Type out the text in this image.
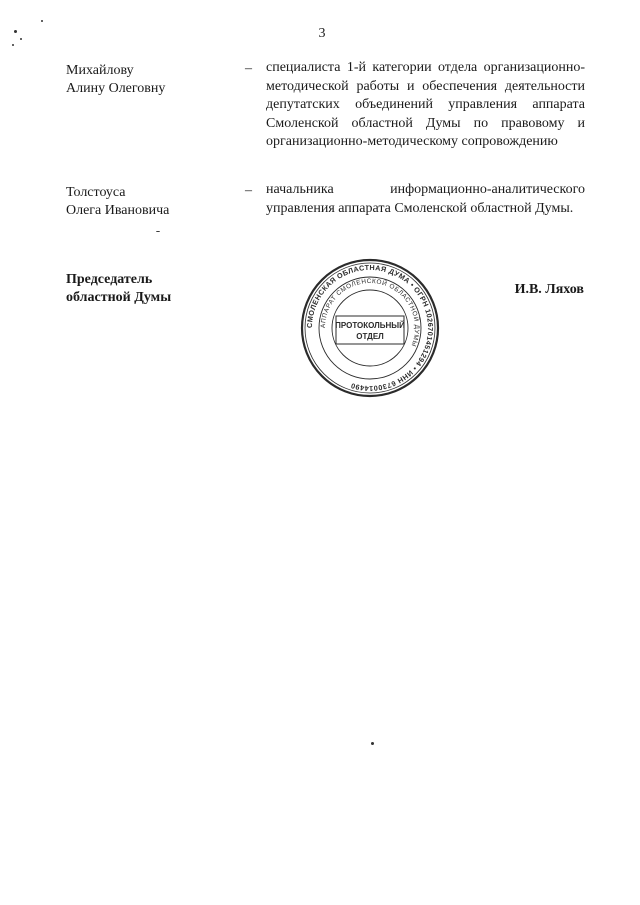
3
Михайлову
Алину Олеговну
– специалиста 1-й категории отдела организационно-методической работы и обеспечения деятельности депутатских объединений управления аппарата Смоленской областной Думы по правовому и организационно-методическому сопровождению
Толстоуса
Олега Ивановича
– начальника информационно-аналитического управления аппарата Смоленской областной Думы.
Председатель
областной Думы
СМОЛЕНСКАЯ ОБЛАСТНАЯ ДУМА • ОГРН 1026701451294 • ИНН 6730014490
АППАРАТ СМОЛЕНСКОЙ ОБЛАСТНОЙ ДУМЫ
ПРОТОКОЛЬНЫЙ
ОТДЕЛ
И.В. Ляхов
